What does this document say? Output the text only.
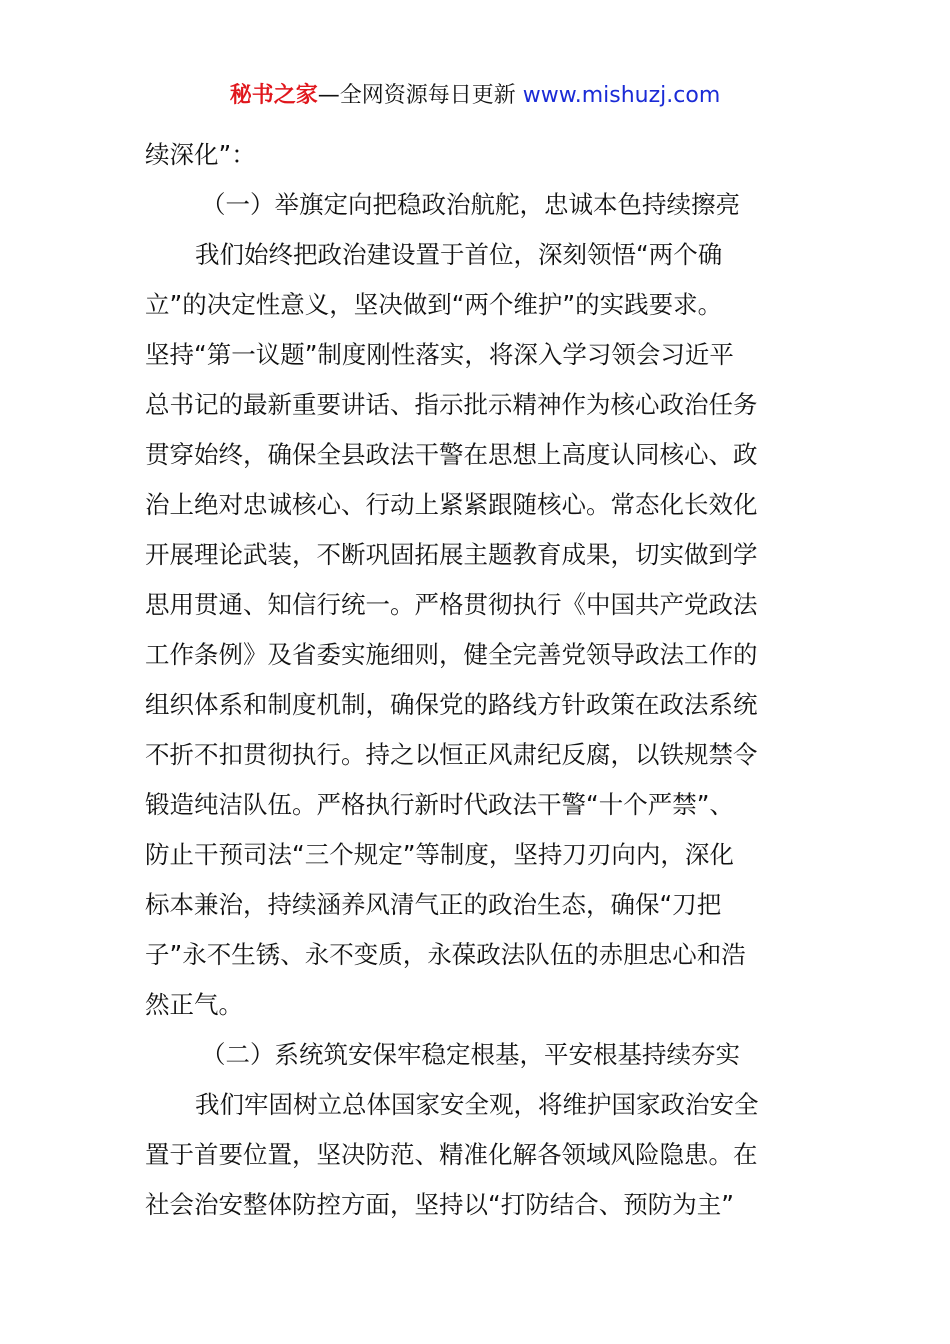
秘书之家—全网资源每日更新 www.mishuzj.com
续深化”：
（一）举旗定向把稳政治航舵，忠诚本色持续擦亮
我们始终把政治建设置于首位，深刻领悟“两个确
立”的决定性意义，坚决做到“两个维护”的实践要求。
坚持“第一议题”制度刚性落实，将深入学习领会习近平
总书记的最新重要讲话、指示批示精神作为核心政治任务
贯穿始终，确保全县政法干警在思想上高度认同核心、政
治上绝对忠诚核心、行动上紧紧跟随核心。常态化长效化
开展理论武装，不断巩固拓展主题教育成果，切实做到学
思用贯通、知信行统一。严格贯彻执行《中国共产党政法
工作条例》及省委实施细则，健全完善党领导政法工作的
组织体系和制度机制，确保党的路线方针政策在政法系统
不折不扣贯彻执行。持之以恒正风肃纪反腐，以铁规禁令
锻造纯洁队伍。严格执行新时代政法干警“十个严禁”、
防止干预司法“三个规定”等制度，坚持刀刃向内，深化
标本兼治，持续涵养风清气正的政治生态，确保“刀把
子”永不生锈、永不变质，永葆政法队伍的赤胆忠心和浩
然正气。
（二）系统筑安保牢稳定根基，平安根基持续夯实
我们牢固树立总体国家安全观，将维护国家政治安全
置于首要位置，坚决防范、精准化解各领域风险隐患。在
社会治安整体防控方面，坚持以“打防结合、预防为主”
